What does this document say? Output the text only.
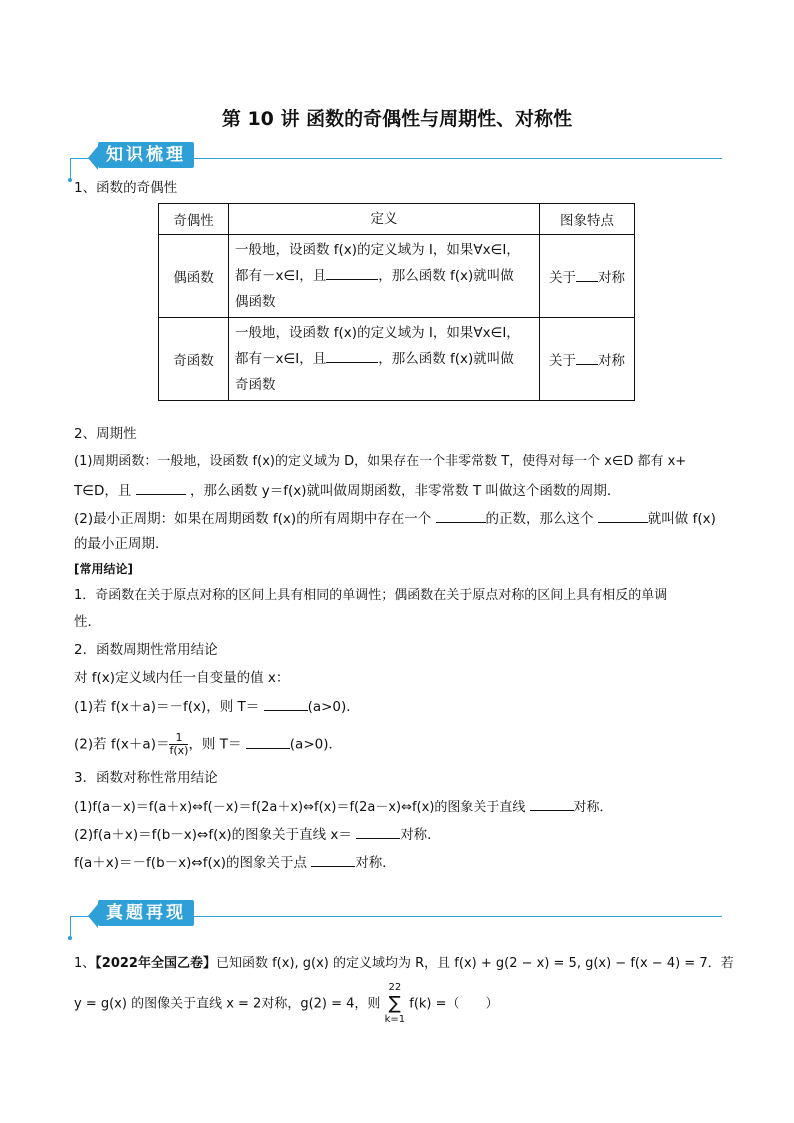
第 10 讲 函数的奇偶性与周期性、对称性
知识梳理
1、函数的奇偶性
奇偶性	定义	图象特点
偶函数	一般地，设函数 f(x)的定义域为 I，如果∀x∈I，
都有－x∈I，且 ，那么函数 f(x)就叫做
偶函数	关于 对称
奇函数	一般地，设函数 f(x)的定义域为 I，如果∀x∈I，
都有－x∈I，且 ，那么函数 f(x)就叫做
奇函数	关于 对称
2、周期性
(1)周期函数：一般地，设函数 f(x)的定义域为 D，如果存在一个非零常数 T，使得对每一个 x∈D 都有 x+
T∈D，且	，那么函数 y＝f(x)就叫做周期函数，非零常数 T 叫做这个函数的周期．
(2)最小正周期：如果在周期函数 f(x)的所有周期中存在一个	的正数，那么这个	就叫做 f(x)
的最小正周期．
[常用结论]
1．奇函数在关于原点对称的区间上具有相同的单调性；偶函数在关于原点对称的区间上具有相反的单调
性．
2．函数周期性常用结论
对 f(x)定义域内任一自变量的值 x：
(1)若 f(x＋a)＝－f(x)，则 T＝	(a>0)．
(2)若 $f(x+a)= \frac{1}{f(x)}$，则 T＝	(a>0)．
3．函数对称性常用结论
(1)f(a－x)＝f(a＋x)⇔f(－x)＝f(2a＋x)⇔f(x)＝f(2a－x)⇔f(x)的图象关于直线	对称．
(2)f(a＋x)＝f(b－x)⇔f(x)的图象关于直线 x＝	对称．
f(a＋x)＝－f(b－x)⇔f(x)的图象关于点	对称．
真题再现
1、【2022年全国乙卷】已知函数 f(x), g(x) 的定义域均为 R，且 f(x) + g(2 − x) = 5, g(x) − f(x − 4) = 7．若
y = g(x) 的图像关于直线 x = 2对称，g(2) = 4，则 22
∑
k=1 f(k) =（　　）
